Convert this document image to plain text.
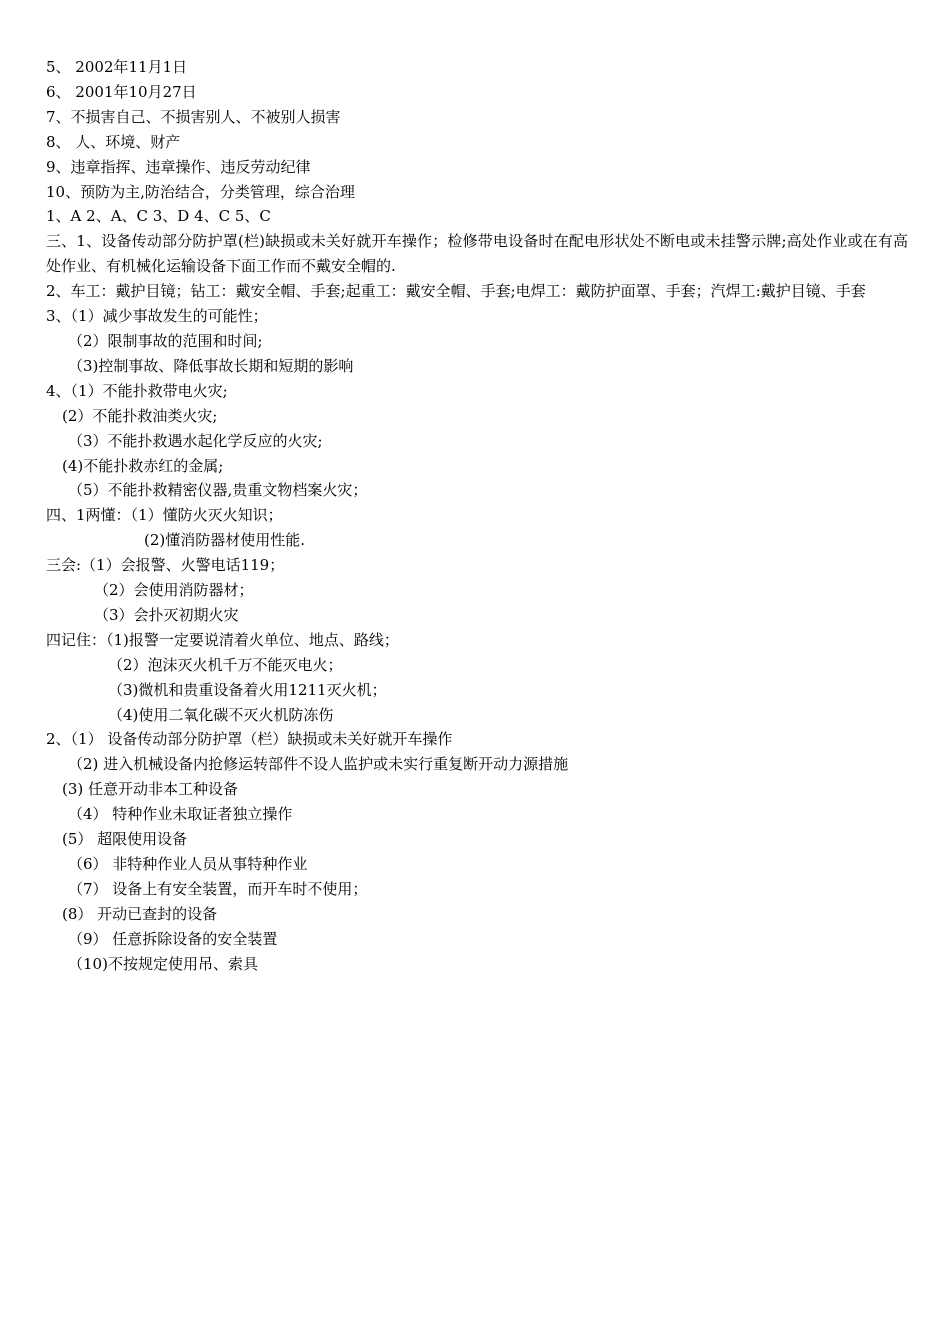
5、 2002年11月1日
6、 2001年10月27日
7、不损害自己、不损害别人、不被别人损害
8、 人、环境、财产
9、违章指挥、违章操作、违反劳动纪律
10、预防为主,防治结合，分类管理，综合治理
1、A 2、A、C 3、D 4、C 5、C
三、1、设备传动部分防护罩(栏)缺损或未关好就开车操作；检修带电设备时在配电形状处不断电或未挂警示牌;高处作业或在有高处作业、有机械化运输设备下面工作而不戴安全帽的.
2、车工：戴护目镜；钻工：戴安全帽、手套;起重工：戴安全帽、手套;电焊工：戴防护面罩、手套；汽焊工:戴护目镜、手套
3、（1）减少事故发生的可能性；
（2）限制事故的范围和时间;
（3)控制事故、降低事故长期和短期的影响
4、（1）不能扑救带电火灾;
(2）不能扑救油类火灾;
（3）不能扑救遇水起化学反应的火灾;
(4)不能扑救赤红的金属;
（5）不能扑救精密仪器,贵重文物档案火灾；
四、1两懂：（1）懂防火灭火知识；
(2)懂消防器材使用性能.
三会:（1）会报警、火警电话119；
（2）会使用消防器材；
（3）会扑灭初期火灾
四记住：（1)报警一定要说清着火单位、地点、路线；
（2）泡沫灭火机千万不能灭电火；
（3)微机和贵重设备着火用1211灭火机；
（4)使用二氧化碳不灭火机防冻伤
2、（1） 设备传动部分防护罩（栏）缺损或未关好就开车操作
（2) 进入机械设备内抢修运转部件不设人监护或未实行重复断开动力源措施
(3) 任意开动非本工种设备
（4） 特种作业未取证者独立操作
(5） 超限使用设备
（6） 非特种作业人员从事特种作业
（7） 设备上有安全装置，而开车时不使用；
(8） 开动已查封的设备
（9） 任意拆除设备的安全装置
（10)不按规定使用吊、索具
